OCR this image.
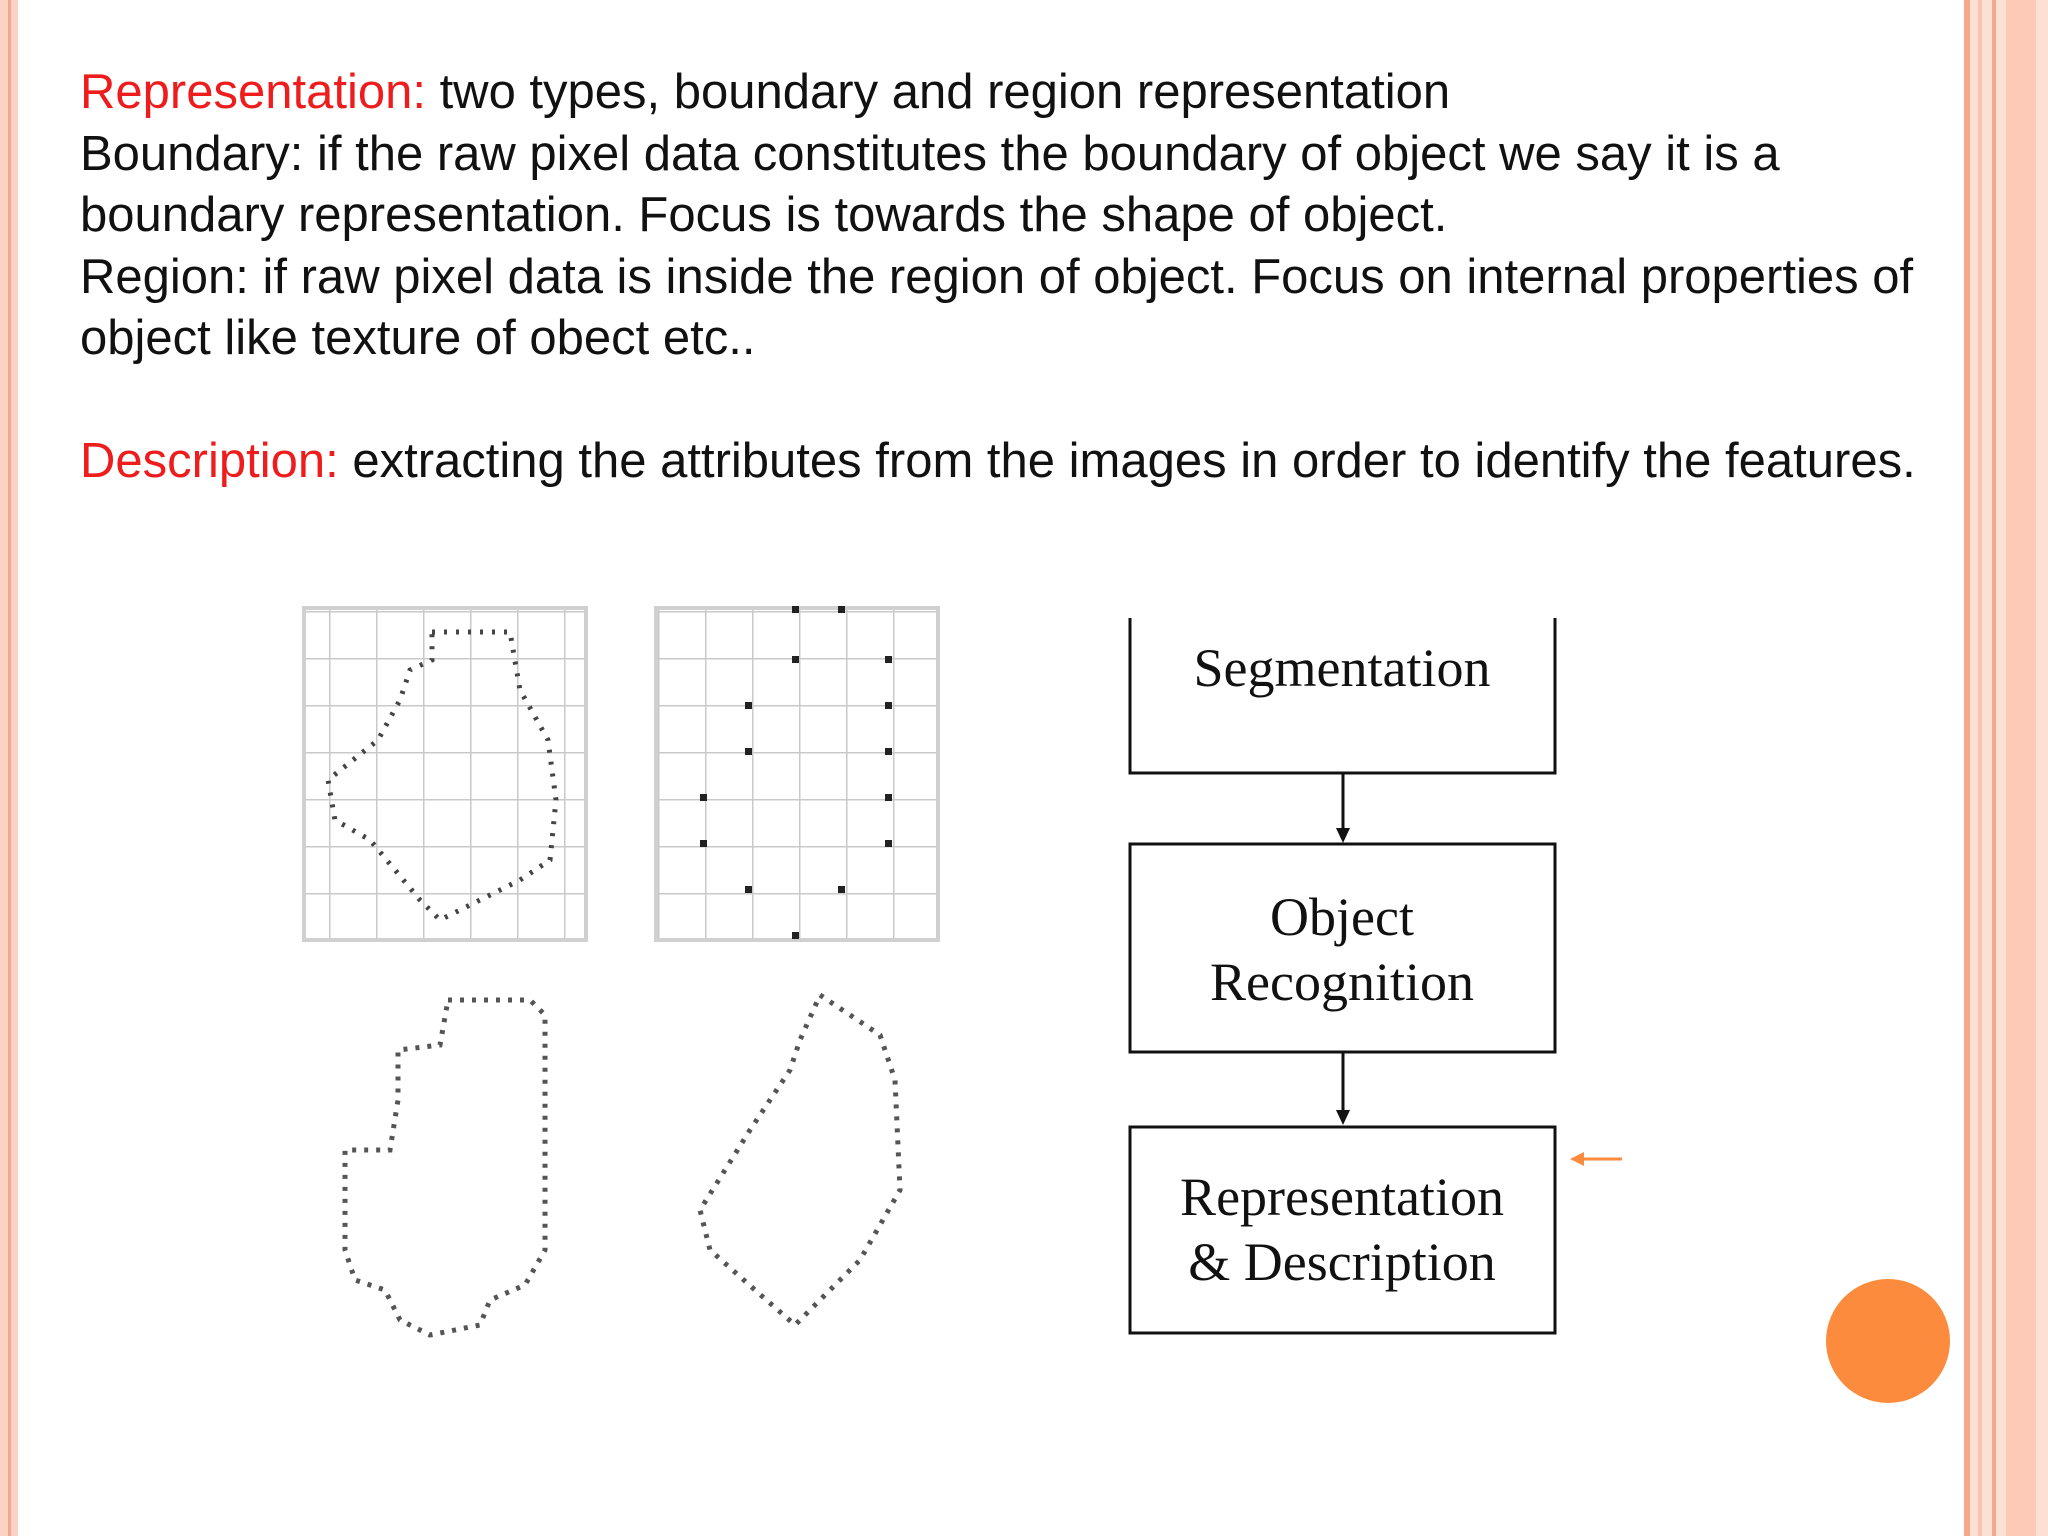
Representation: two types, boundary and region representation

Boundary: if the raw pixel data constitutes the boundary of object we say it is a boundary representation. Focus is towards the shape of object.

Region: if raw pixel data is inside the region of object. Focus on internal properties of object like texture of obect etc..

Description: extracting the attributes from the images in order to identify the features.

Segmentation
Object
Recognition
Representation
& Description
